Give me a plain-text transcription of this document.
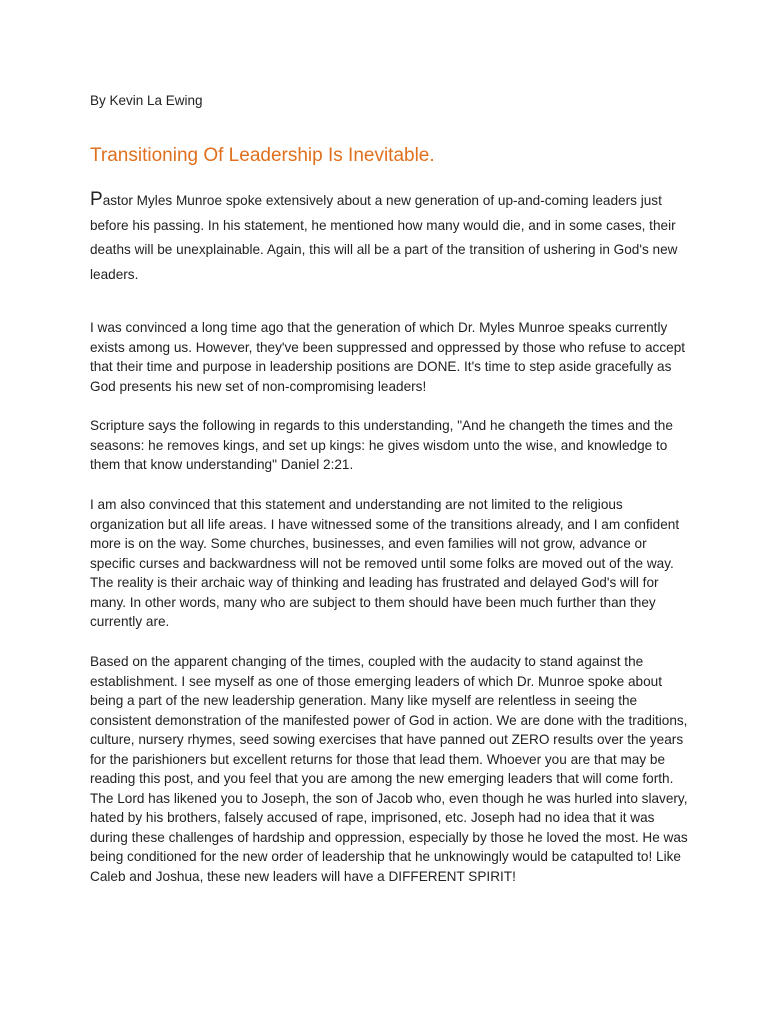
By Kevin La Ewing
Transitioning Of Leadership Is Inevitable.

Pastor Myles Munroe spoke extensively about a new generation of up-and-coming leaders just before his passing. In his statement, he mentioned how many would die, and in some cases, their deaths will be unexplainable. Again, this will all be a part of the transition of ushering in God's new leaders.

I was convinced a long time ago that the generation of which Dr. Myles Munroe speaks currently exists among us. However, they've been suppressed and oppressed by those who refuse to accept that their time and purpose in leadership positions are DONE. It's time to step aside gracefully as God presents his new set of non-compromising leaders!

Scripture says the following in regards to this understanding, "And he changeth the times and the seasons: he removes kings, and set up kings: he gives wisdom unto the wise, and knowledge to them that know understanding" Daniel 2:21.

I am also convinced that this statement and understanding are not limited to the religious organization but all life areas. I have witnessed some of the transitions already, and I am confident more is on the way. Some churches, businesses, and even families will not grow, advance or specific curses and backwardness will not be removed until some folks are moved out of the way. The reality is their archaic way of thinking and leading has frustrated and delayed God's will for many. In other words, many who are subject to them should have been much further than they currently are.

Based on the apparent changing of the times, coupled with the audacity to stand against the establishment. I see myself as one of those emerging leaders of which Dr. Munroe spoke about being a part of the new leadership generation. Many like myself are relentless in seeing the consistent demonstration of the manifested power of God in action. We are done with the traditions, culture, nursery rhymes, seed sowing exercises that have panned out ZERO results over the years for the parishioners but excellent returns for those that lead them. Whoever you are that may be reading this post, and you feel that you are among the new emerging leaders that will come forth. The Lord has likened you to Joseph, the son of Jacob who, even though he was hurled into slavery, hated by his brothers, falsely accused of rape, imprisoned, etc. Joseph had no idea that it was during these challenges of hardship and oppression, especially by those he loved the most. He was being conditioned for the new order of leadership that he unknowingly would be catapulted to! Like Caleb and Joshua, these new leaders will have a DIFFERENT SPIRIT!
